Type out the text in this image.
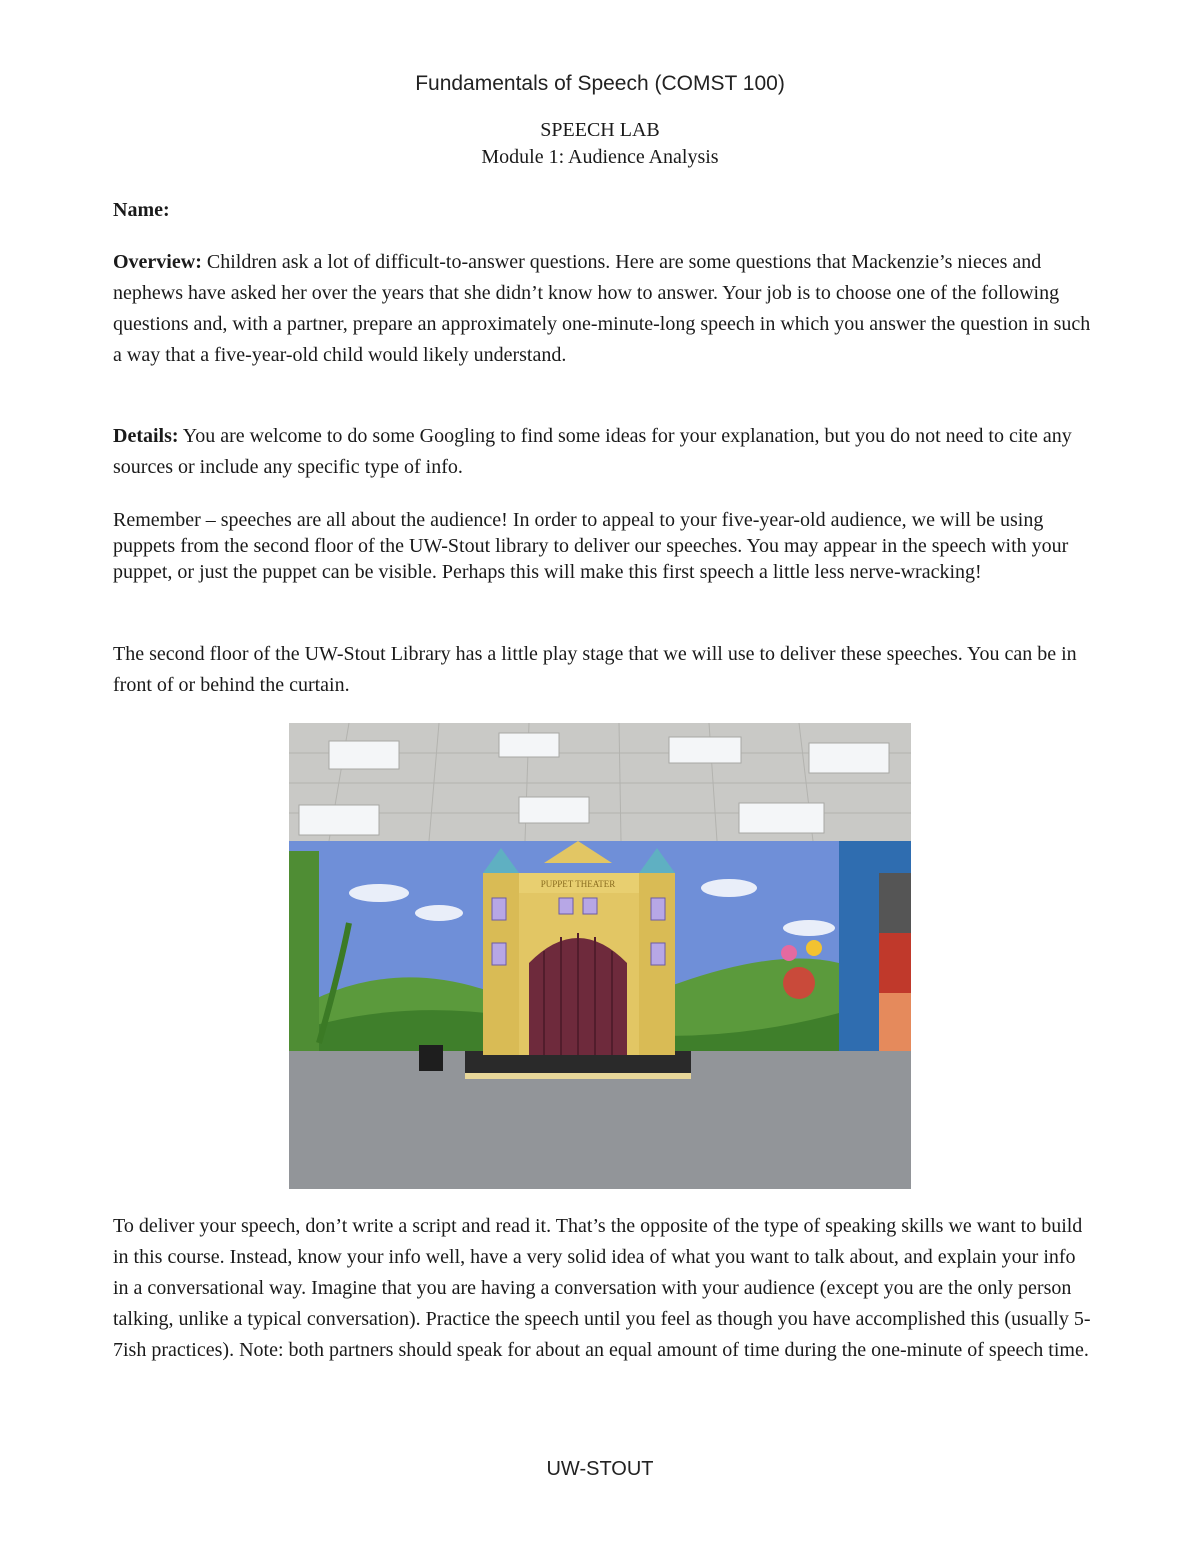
Fundamentals of Speech (COMST 100)
SPEECH LAB
Module 1: Audience Analysis
Name:
Overview: Children ask a lot of difficult-to-answer questions. Here are some questions that Mackenzie’s nieces and nephews have asked her over the years that she didn’t know how to answer. Your job is to choose one of the following questions and, with a partner, prepare an approximately one-minute-long speech in which you answer the question in such a way that a five-year-old child would likely understand.
Details: You are welcome to do some Googling to find some ideas for your explanation, but you do not need to cite any sources or include any specific type of info.
Remember – speeches are all about the audience! In order to appeal to your five-year-old audience, we will be using puppets from the second floor of the UW-Stout library to deliver our speeches. You may appear in the speech with your puppet, or just the puppet can be visible. Perhaps this will make this first speech a little less nerve-wracking!
The second floor of the UW-Stout Library has a little play stage that we will use to deliver these speeches. You can be in front of or behind the curtain.
PUPPET THEATER
To deliver your speech, don’t write a script and read it. That’s the opposite of the type of speaking skills we want to build in this course. Instead, know your info well, have a very solid idea of what you want to talk about, and explain your info in a conversational way. Imagine that you are having a conversation with your audience (except you are the only person talking, unlike a typical conversation). Practice the speech until you feel as though you have accomplished this (usually 5-7ish practices). Note: both partners should speak for about an equal amount of time during the one-minute of speech time.
UW-STOUT
